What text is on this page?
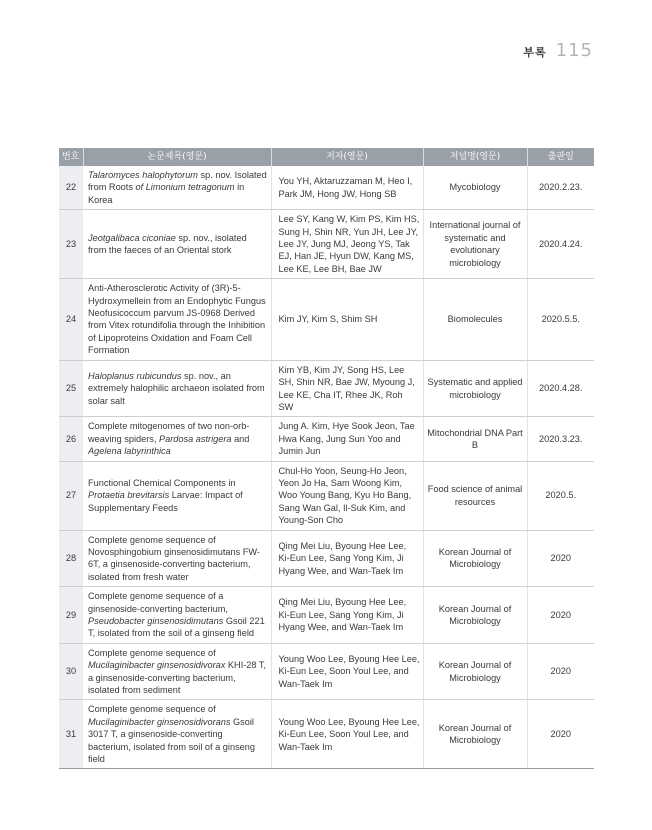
부록 115
번호	논문제목(영문)	저자(영문)	저널명(영문)	출판일
22	Talaromyces halophytorum sp. nov. Isolated from Roots of Limonium tetragonum in Korea	You YH, Aktaruzzaman M, Heo I, Park JM, Hong JW, Hong SB	Mycobiology	2020.2.23.
23	Jeotgalibaca ciconiae sp. nov., isolated from the faeces of an Oriental stork	Lee SY, Kang W, Kim PS, Kim HS, Sung H, Shin NR, Yun JH, Lee JY, Lee JY, Jung MJ, Jeong YS, Tak EJ, Han JE, Hyun DW, Kang MS, Lee KE, Lee BH, Bae JW	International journal of systematic and evolutionary microbiology	2020.4.24.
24	Anti-Atherosclerotic Activity of (3R)-5-Hydroxymellein from an Endophytic Fungus Neofusicoccum parvum JS-0968 Derived from Vitex rotundifolia through the Inhibition of Lipoproteins Oxidation and Foam Cell Formation	Kim JY, Kim S, Shim SH	Biomolecules	2020.5.5.
25	Haloplanus rubicundus sp. nov., an extremely halophilic archaeon isolated from solar salt	Kim YB, Kim JY, Song HS, Lee SH, Shin NR, Bae JW, Myoung J, Lee KE, Cha IT, Rhee JK, Roh SW	Systematic and applied microbiology	2020.4.28.
26	Complete mitogenomes of two non-orb-weaving spiders, Pardosa astrigera and Agelena labyrinthica	Jung A. Kim, Hye Sook Jeon, Tae Hwa Kang, Jung Sun Yoo and Jumin Jun	Mitochondrial DNA Part B	2020.3.23.
27	Functional Chemical Components in Protaetia brevitarsis Larvae: Impact of Supplementary Feeds	Chul-Ho Yoon, Seung-Ho Jeon, Yeon Jo Ha, Sam Woong Kim, Woo Young Bang, Kyu Ho Bang, Sang Wan Gal, Il-Suk Kim, and Young-Son Cho	Food science of animal resources	2020.5.
28	Complete genome sequence of Novosphingobium ginsenosidimutans FW-6T, a ginsenoside-converting bacterium, isolated from fresh water	Qing Mei Liu, Byoung Hee Lee, Ki-Eun Lee, Sang Yong Kim, Ji Hyang Wee, and Wan-Taek Im	Korean Journal of Microbiology	2020
29	Complete genome sequence of a ginsenoside-converting bacterium, Pseudobacter ginsenosidimutans Gsoil 221 T, isolated from the soil of a ginseng field	Qing Mei Liu, Byoung Hee Lee, Ki-Eun Lee, Sang Yong Kim, Ji Hyang Wee, and Wan-Taek Im	Korean Journal of Microbiology	2020
30	Complete genome sequence of Mucilaginibacter ginsenosidivorax KHI-28 T, a ginsenoside-converting bacterium, isolated from sediment	Young Woo Lee, Byoung Hee Lee, Ki-Eun Lee, Soon Youl Lee, and Wan-Taek Im	Korean Journal of Microbiology	2020
31	Complete genome sequence of Mucilaginibacter ginsenosidivorans Gsoil 3017 T, a ginsenoside-converting bacterium, isolated from soil of a ginseng field	Young Woo Lee, Byoung Hee Lee, Ki-Eun Lee, Soon Youl Lee, and Wan-Taek Im	Korean Journal of Microbiology	2020
